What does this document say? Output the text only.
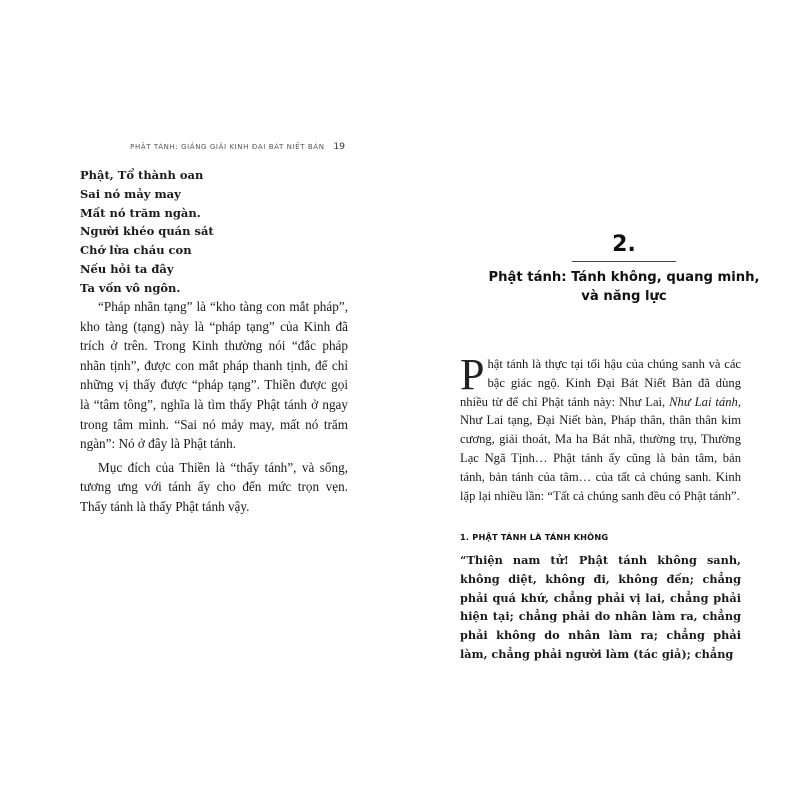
PHẬT TÁNH: GIẢNG GIẢI KINH ĐẠI BÁT NIẾT BÀN 19
Phật, Tổ thành oan
Sai nó mảy may
Mất nó trăm ngàn.
Người khéo quán sát
Chớ lừa cháu con
Nếu hỏi ta đây
Ta vốn vô ngôn.

“Pháp nhãn tạng” là “kho tàng con mắt pháp”, kho tàng (tạng) này là “pháp tạng” của Kinh đã trích ở trên. Trong Kinh thường nói “đắc pháp nhãn tịnh”, được con mắt pháp thanh tịnh, để chỉ những vị thấy được “pháp tạng”. Thiền được gọi là “tâm tông”, nghĩa là tìm thấy Phật tánh ở ngay trong tâm mình. “Sai nó mảy may, mất nó trăm ngàn”: Nó ở đây là Phật tánh.

Mục đích của Thiền là “thấy tánh”, và sống, tương ưng với tánh ấy cho đến mức trọn vẹn. Thấy tánh là thấy Phật tánh vậy.

2.
Phật tánh: Tánh không, quang minh, và năng lực

Phật tánh là thực tại tối hậu của chúng sanh và các bậc giác ngộ. Kinh Đại Bát Niết Bàn đã dùng nhiều từ để chỉ Phật tánh này: Như Lai, Như Lai tánh, Như Lai tạng, Đại Niết bàn, Pháp thân, thân thân kim cương, giải thoát, Ma ha Bát nhã, thường trụ, Thường Lạc Ngã Tịnh… Phật tánh ấy cũng là bản tâm, bản tánh, bản tánh của tâm… của tất cả chúng sanh. Kinh lặp lại nhiều lần: “Tất cả chúng sanh đều có Phật tánh”.

1. PHẬT TÁNH LÀ TÁNH KHÔNG

“Thiện nam tử! Phật tánh không sanh, không diệt, không đi, không đến; chẳng phải quá khứ, chẳng phải vị lai, chẳng phải hiện tại; chẳng phải do nhân làm ra, chẳng phải không do nhân làm ra; chẳng phải làm, chẳng phải người làm (tác giả); chẳng
